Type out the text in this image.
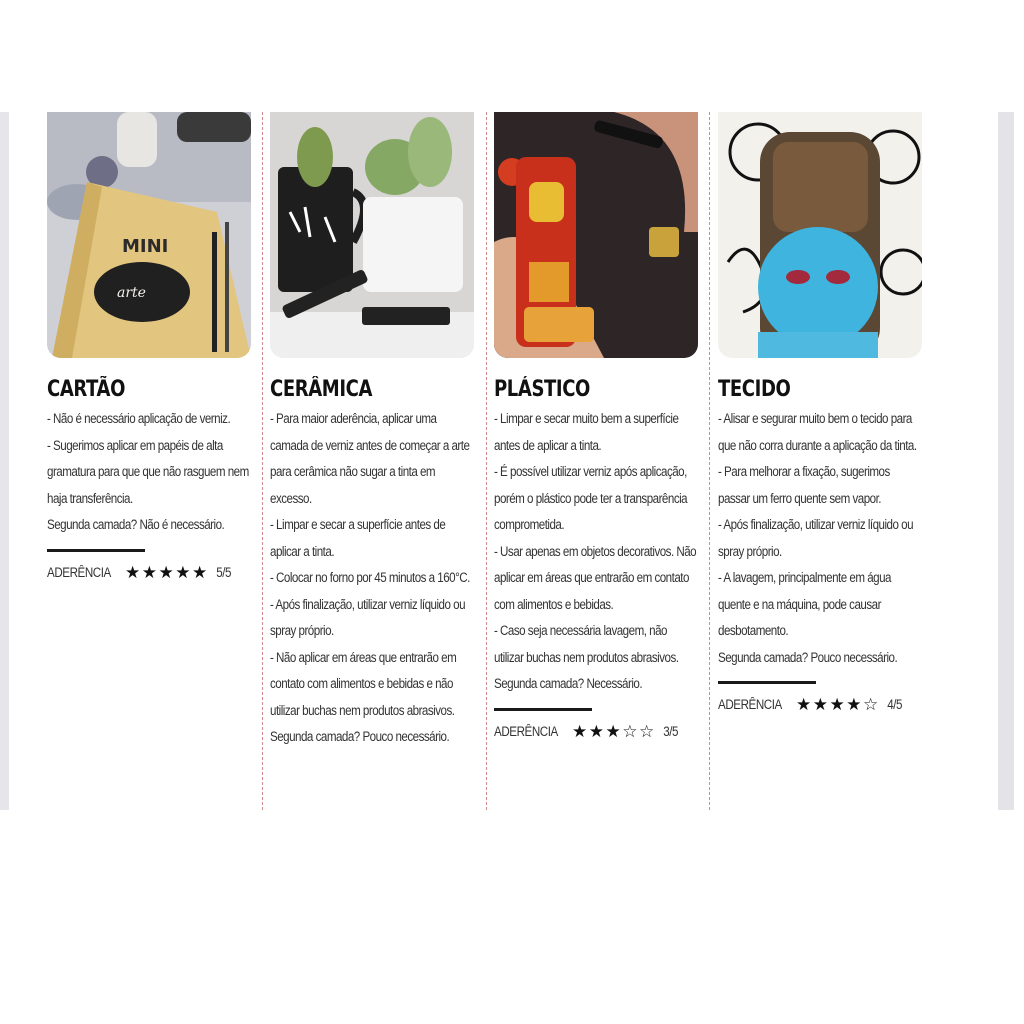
arte
MINI
CARTÃO

- Não é necessário aplicação de verniz.

- Sugerimos aplicar em papéis de alta gramatura para que que não rasguem nem haja transferência.

Segunda camada? Não é necessário.

ADERÊNCIA ★ ★ ★ ★ ★ 5/5
CERÂMICA

- Para maior aderência, aplicar uma camada de verniz antes de começar a arte para cerâmica não sugar a tinta em excesso.

- Limpar e secar a superfície antes de aplicar a tinta.

- Colocar no forno por 45 minutos a 160°C.

- Após finalização, utilizar verniz líquido ou spray próprio.

- Não aplicar em áreas que entrarão em contato com alimentos e bebidas e não utilizar buchas nem produtos abrasivos.

Segunda camada? Pouco necessário.

PLÁSTICO

- Limpar e secar muito bem a superfície antes de aplicar a tinta.

- É possível utilizar verniz após aplicação, porém o plástico pode ter a transparência comprometida.

- Usar apenas em objetos decorativos. Não aplicar em áreas que entrarão em contato com alimentos e bebidas.

- Caso seja necessária lavagem, não utilizar buchas nem produtos abrasivos.

Segunda camada? Necessário.

ADERÊNCIA ★ ★ ★ ☆ ☆ 3/5
TECIDO

- Alisar e segurar muito bem o tecido para que não corra durante a aplicação da tinta.

- Para melhorar a fixação, sugerimos passar um ferro quente sem vapor.

- Após finalização, utilizar verniz líquido ou spray próprio.

- A lavagem, principalmente em água quente e na máquina, pode causar desbotamento.

Segunda camada? Pouco necessário.

ADERÊNCIA ★ ★ ★ ★ ☆ 4/5
